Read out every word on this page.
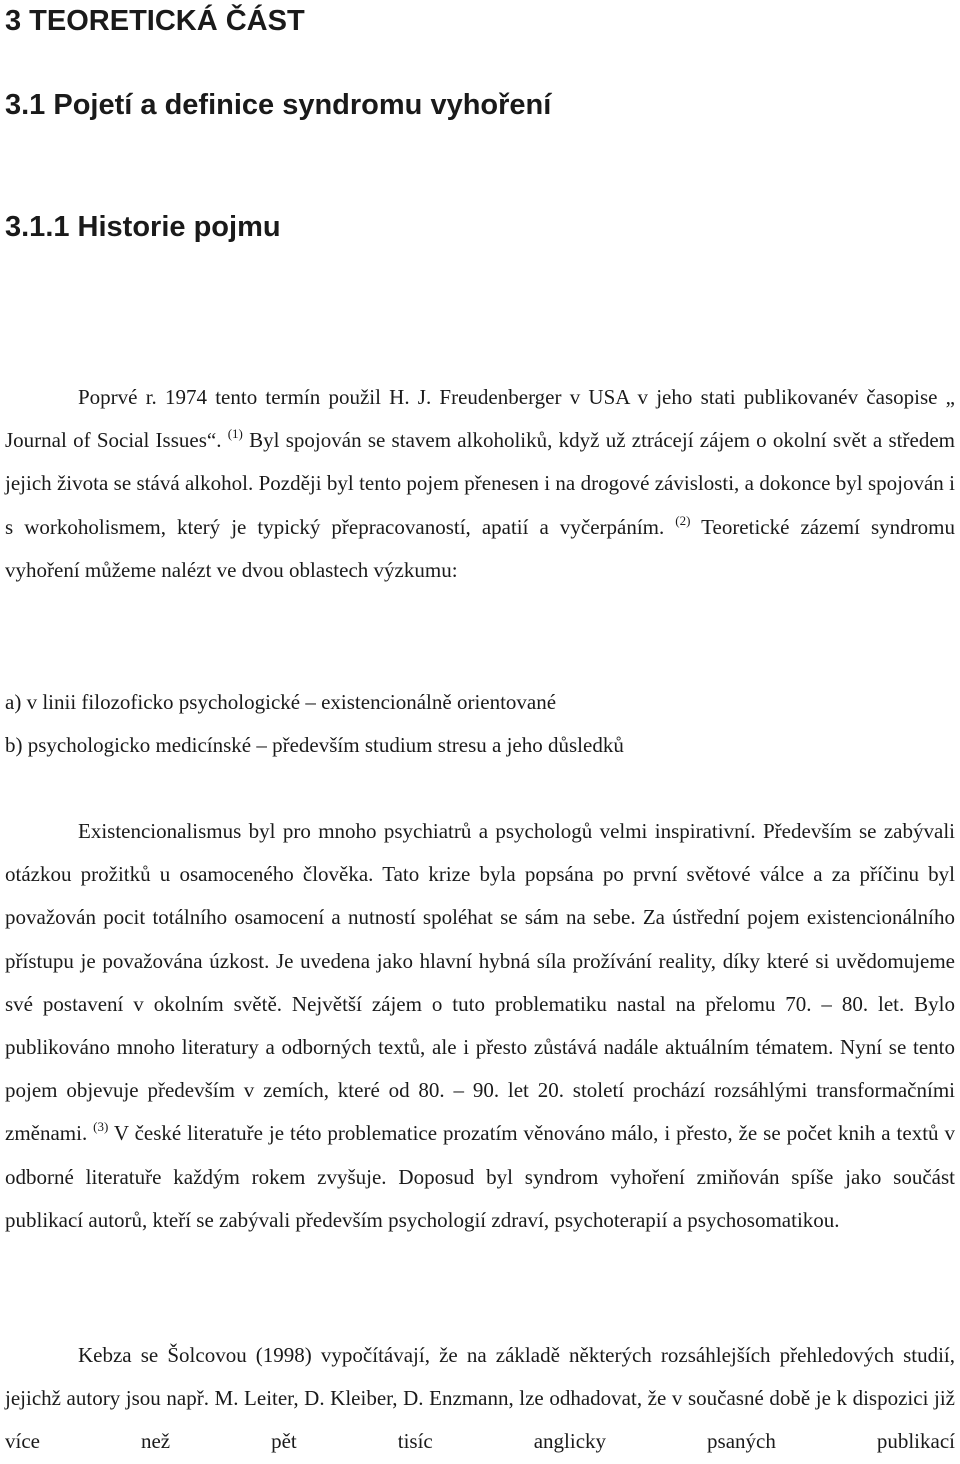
3 TEORETICKÁ ČÁST
3.1 Pojetí a definice syndromu vyhoření
3.1.1 Historie pojmu

Poprvé r. 1974 tento termín použil H. J. Freudenberger v USA v jeho stati publikovanév časopise „ Journal of Social Issues“. $^{(1)}$ Byl spojován se stavem alkoholiků, když už ztrácejí zájem o okolní svět a středem jejich života se stává alkohol. Později byl tento pojem přenesen i na drogové závislosti, a dokonce byl spojován i s workoholismem, který je typický přepracovaností, apatií a vyčerpáním. $^{(2)}$ Teoretické zázemí syndromu vyhoření můžeme nalézt ve dvou oblastech výzkumu:

a) v linii filozoficko psychologické – existencionálně orientované

b) psychologicko medicínské – především studium stresu a jeho důsledků

Existencionalismus byl pro mnoho psychiatrů a psychologů velmi inspirativní. Především se zabývali otázkou prožitků u osamoceného člověka. Tato krize byla popsána po první světové válce a za příčinu byl považován pocit totálního osamocení a nutností spoléhat se sám na sebe. Za ústřední pojem existencionálního přístupu je považována úzkost. Je uvedena jako hlavní hybná síla prožívání reality, díky které si uvědomujeme své postavení v okolním světě. Největší zájem o tuto problematiku nastal na přelomu 70. – 80. let. Bylo publikováno mnoho literatury a odborných textů, ale i přesto zůstává nadále aktuálním tématem. Nyní se tento pojem objevuje především v zemích, které od 80. – 90. let 20. století prochází rozsáhlými transformačními změnami. $^{(3)}$ V české literatuře je této problematice prozatím věnováno málo, i přesto, že se počet knih a textů v odborné literatuře každým rokem zvyšuje. Doposud byl syndrom vyhoření zmiňován spíše jako součást publikací autorů, kteří se zabývali především psychologií zdraví, psychoterapií a psychosomatikou.

Kebza se Šolcovou (1998) vypočítávají, že na základě některých rozsáhlejších přehledových studií, jejichž autory jsou např. M. Leiter, D. Kleiber, D. Enzmann, lze odhadovat, že v současné době je k dispozici již více než pět tisíc anglicky psaných publikací
